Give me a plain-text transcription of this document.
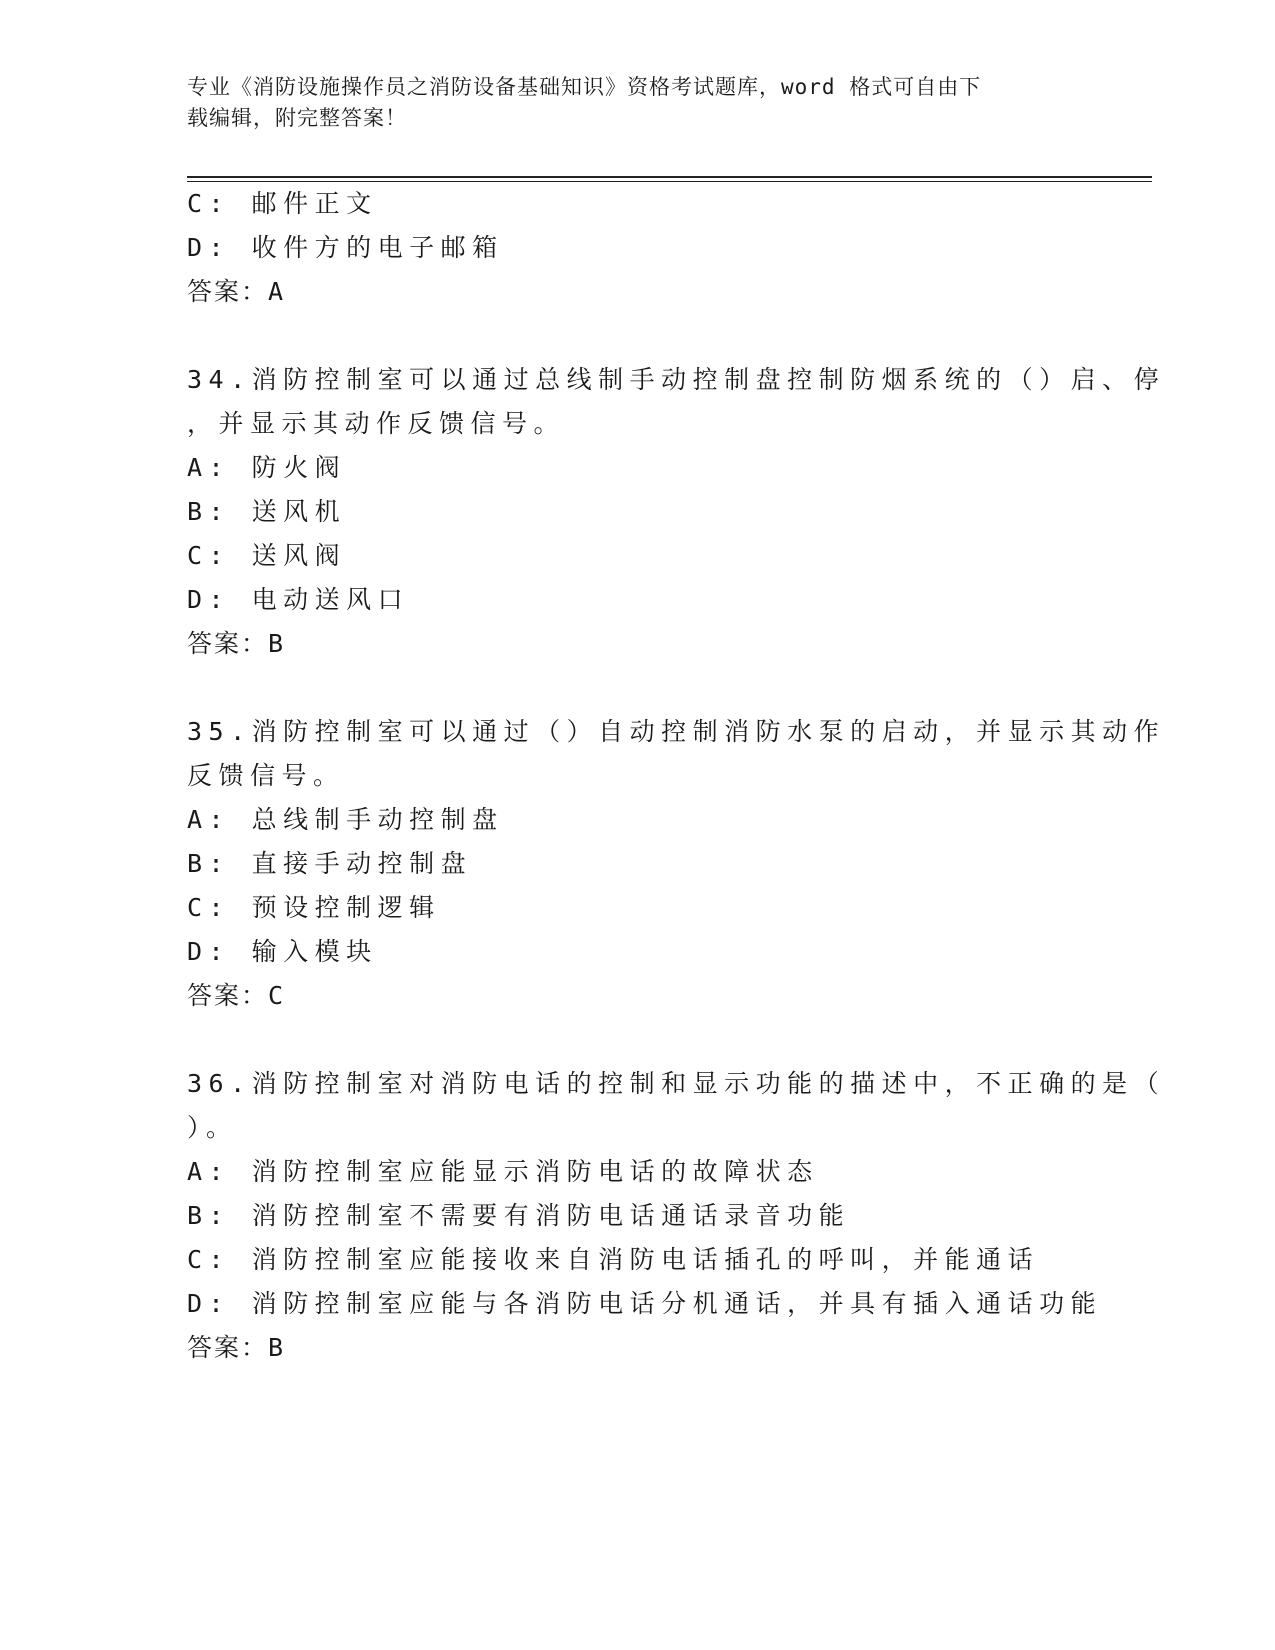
专业《消防设施操作员之消防设备基础知识》资格考试题库，word 格式可自由下
载编辑，附完整答案！
C: 邮件正文
D: 收件方的电子邮箱
答案：A
34.消防控制室可以通过总线制手动控制盘控制防烟系统的（）启、停
，并显示其动作反馈信号。
A: 防火阀
B: 送风机
C: 送风阀
D: 电动送风口
答案：B
35.消防控制室可以通过（）自动控制消防水泵的启动，并显示其动作
反馈信号。
A: 总线制手动控制盘
B: 直接手动控制盘
C: 预设控制逻辑
D: 输入模块
答案：C
36.消防控制室对消防电话的控制和显示功能的描述中，不正确的是（
）。
A: 消防控制室应能显示消防电话的故障状态
B: 消防控制室不需要有消防电话通话录音功能
C: 消防控制室应能接收来自消防电话插孔的呼叫，并能通话
D: 消防控制室应能与各消防电话分机通话，并具有插入通话功能
答案：B
